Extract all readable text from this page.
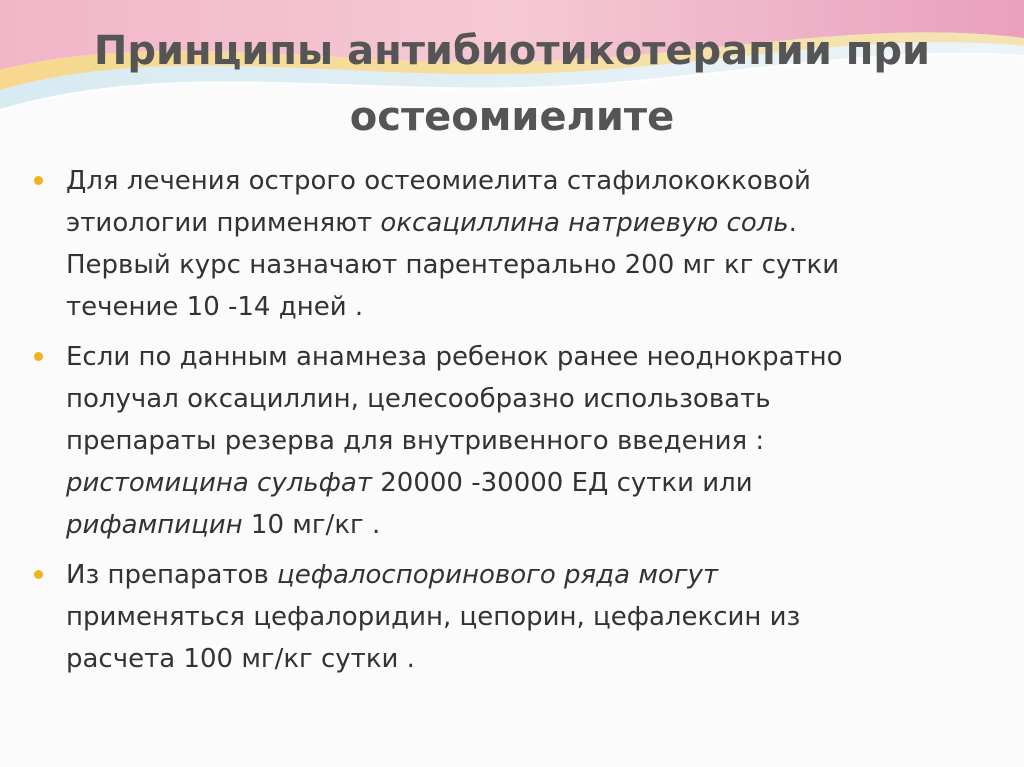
Принципы антибиотикотерапии при
остеомиелите
Для лечения острого остеомиелита стафилококковой
этиологии применяют оксациллина натриевую соль.
Первый курс назначают парентерально 200 мг кг сутки
течение 10 -14 дней .
Если по данным анамнеза ребенок ранее неоднократно
получал оксациллин, целесообразно использовать
препараты резерва для внутривенного введения :
ристомицина сульфат 20000 -30000 ЕД сутки или
рифампицин 10 мг/кг .
Из препаратов цефалоспоринового ряда могут
применяться цефалоридин, цепорин, цефалексин из
расчета 100 мг/кг сутки .
